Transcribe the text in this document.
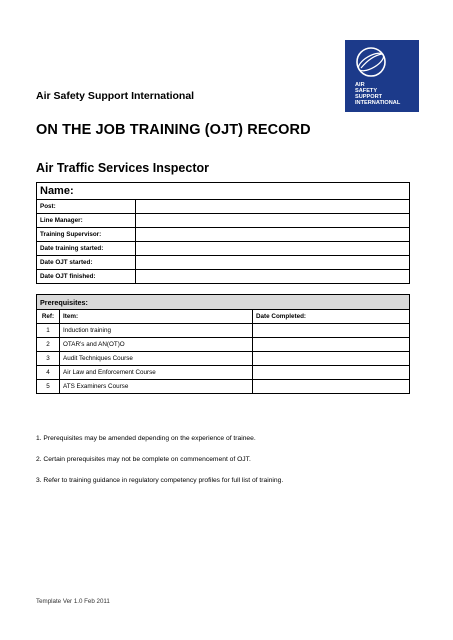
AIR
SAFETY
SUPPORT
INTERNATIONAL
Air Safety Support International
ON THE JOB TRAINING (OJT) RECORD
Air Traffic Services Inspector
Name:	
Post:	
Line Manager:	
Training Supervisor:	
Date training started:	
Date OJT started:	
Date OJT finished:	
Prerequisites:		
Ref:	Item:	Date Completed:
1	Induction training	
2	OTAR’s and AN(OT)O	
3	Audit Techniques Course	
4	Air Law and Enforcement Course	
5	ATS Examiners Course	
1. Prerequisites may be amended depending on the experience of trainee.
2. Certain prerequisites may not be complete on commencement of OJT.
3. Refer to training guidance in regulatory competency profiles for full list of training.
Template Ver 1.0 Feb 2011
